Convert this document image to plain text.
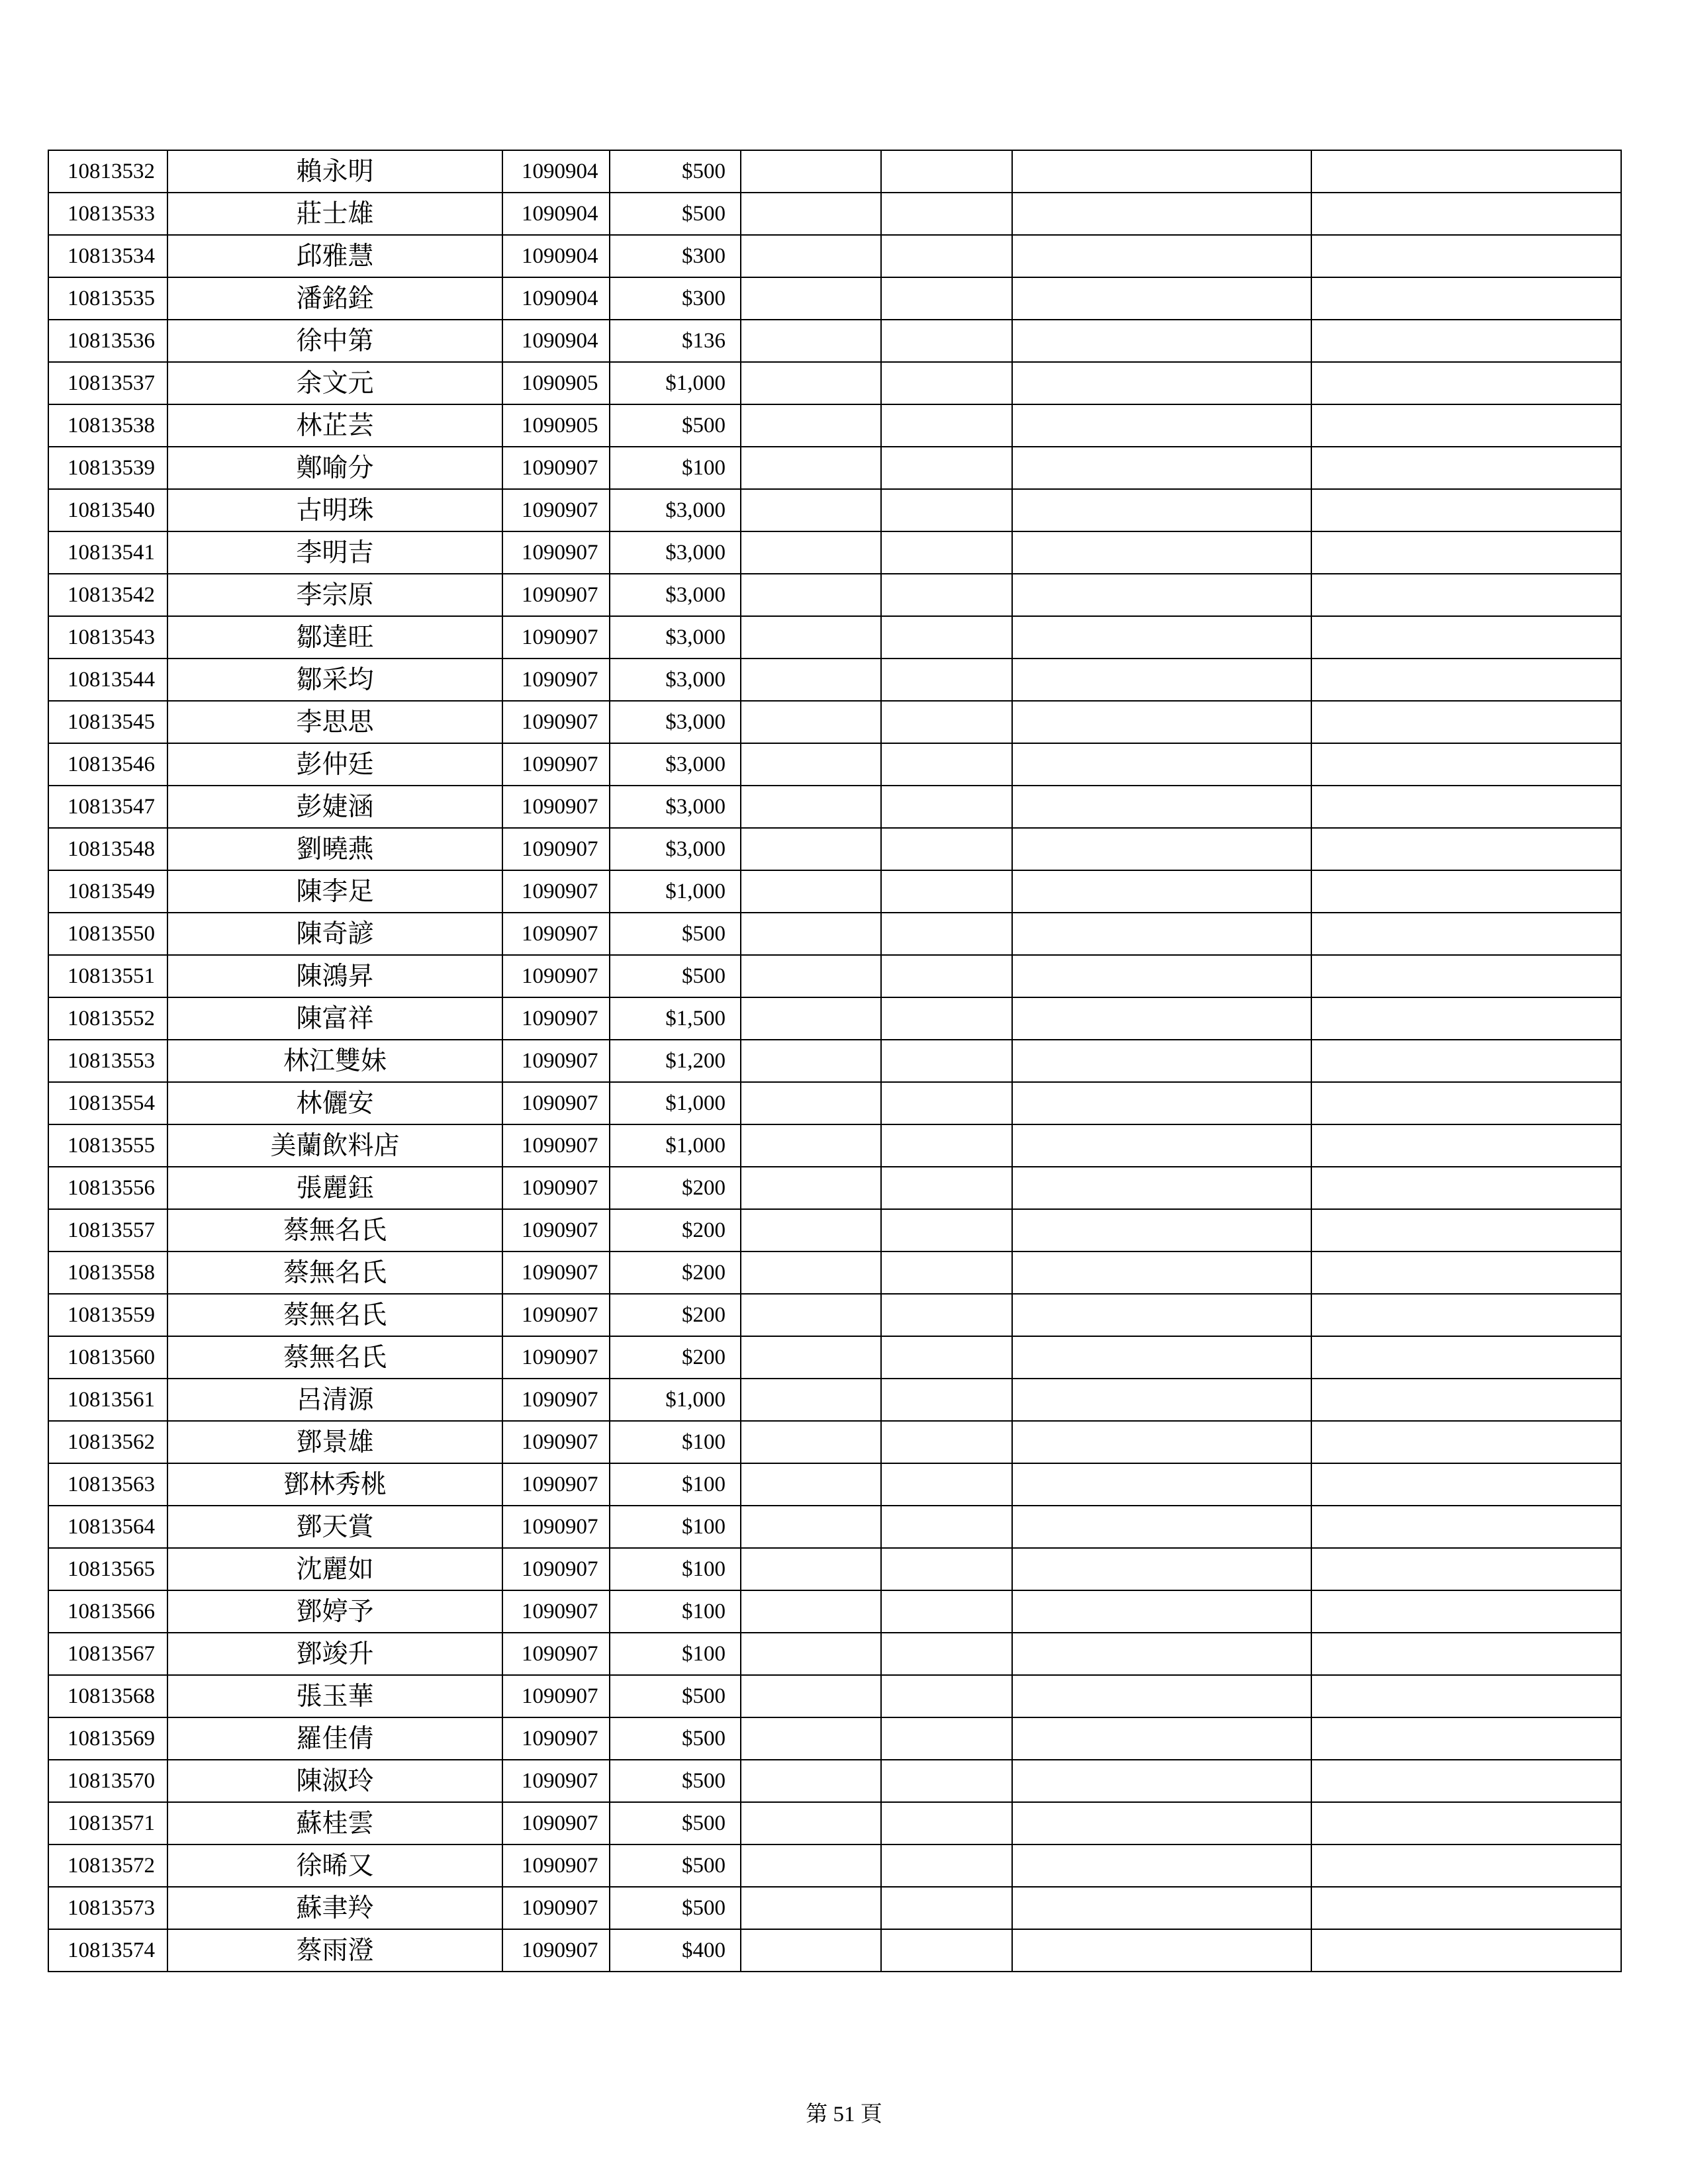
10813532	賴永明	1090904	$500				
10813533	莊士雄	1090904	$500				
10813534	邱雅慧	1090904	$300				
10813535	潘銘銓	1090904	$300				
10813536	徐中第	1090904	$136				
10813537	余文元	1090905	$1,000				
10813538	林芷芸	1090905	$500				
10813539	鄭喻分	1090907	$100				
10813540	古明珠	1090907	$3,000				
10813541	李明吉	1090907	$3,000				
10813542	李宗原	1090907	$3,000				
10813543	鄒達旺	1090907	$3,000				
10813544	鄒采均	1090907	$3,000				
10813545	李思思	1090907	$3,000				
10813546	彭仲廷	1090907	$3,000				
10813547	彭婕涵	1090907	$3,000				
10813548	劉曉燕	1090907	$3,000				
10813549	陳李足	1090907	$1,000				
10813550	陳奇諺	1090907	$500				
10813551	陳鴻昇	1090907	$500				
10813552	陳富祥	1090907	$1,500				
10813553	林江雙妹	1090907	$1,200				
10813554	林儷安	1090907	$1,000				
10813555	美蘭飲料店	1090907	$1,000				
10813556	張麗鈺	1090907	$200				
10813557	蔡無名氏	1090907	$200				
10813558	蔡無名氏	1090907	$200				
10813559	蔡無名氏	1090907	$200				
10813560	蔡無名氏	1090907	$200				
10813561	呂清源	1090907	$1,000				
10813562	鄧景雄	1090907	$100				
10813563	鄧林秀桃	1090907	$100				
10813564	鄧天賞	1090907	$100				
10813565	沈麗如	1090907	$100				
10813566	鄧婷予	1090907	$100				
10813567	鄧竣升	1090907	$100				
10813568	張玉華	1090907	$500				
10813569	羅佳倩	1090907	$500				
10813570	陳淑玲	1090907	$500				
10813571	蘇桂雲	1090907	$500				
10813572	徐晞又	1090907	$500				
10813573	蘇聿羚	1090907	$500				
10813574	蔡雨澄	1090907	$400				
第 51 頁
